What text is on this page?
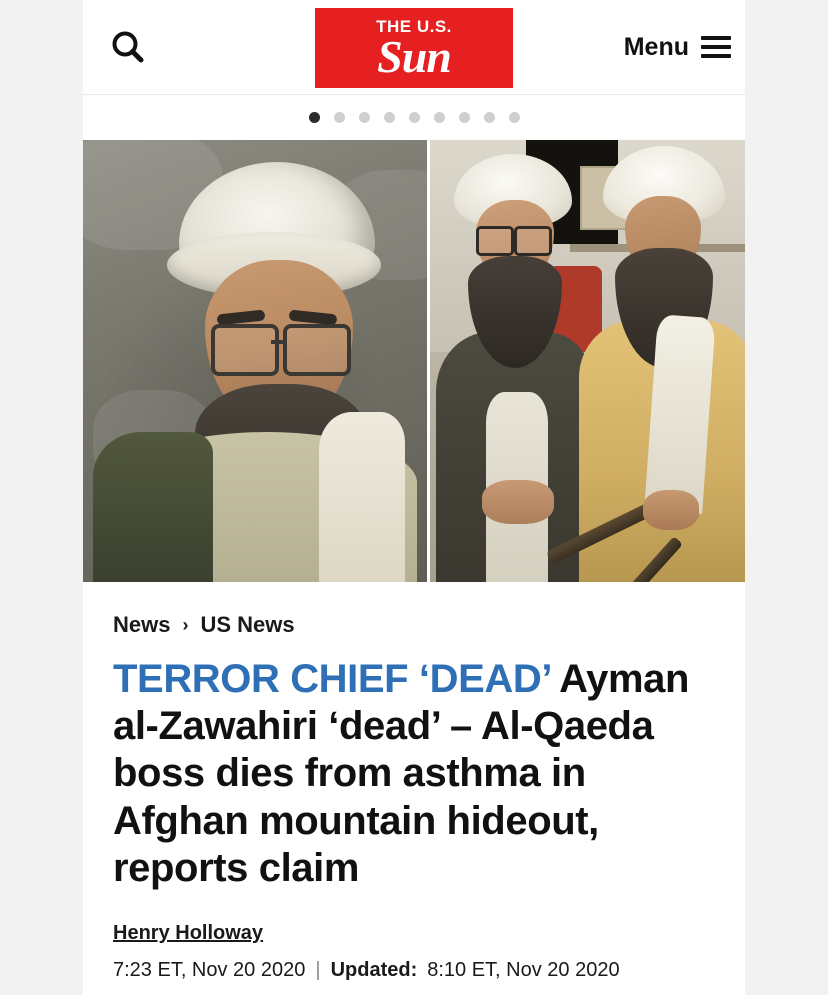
THE U.S.
Sun	Menu
News › US News
TERROR CHIEF ‘DEAD’ Ayman al-Zawahiri ‘dead’ – Al-Qaeda boss dies from asthma in Afghan mountain hideout, reports claim
Henry Holloway
7:23 ET, Nov 20 2020 | Updated: 8:10 ET, Nov 20 2020
